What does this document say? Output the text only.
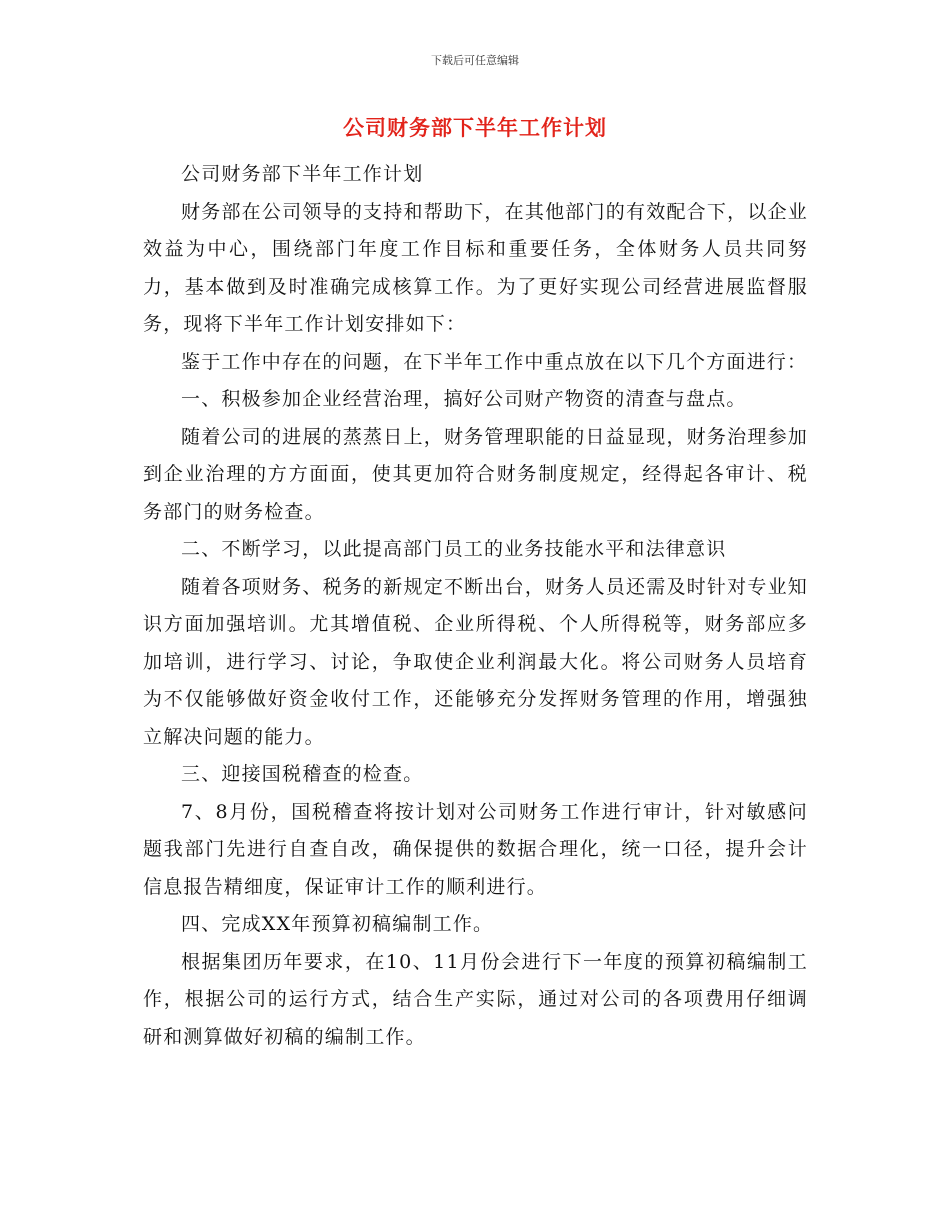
下载后可任意编辑
公司财务部下半年工作计划

公司财务部下半年工作计划

财务部在公司领导的支持和帮助下，在其他部门的有效配合下，以企业效益为中心，围绕部门年度工作目标和重要任务，全体财务人员共同努力，基本做到及时准确完成核算工作。为了更好实现公司经营进展监督服务，现将下半年工作计划安排如下：

鉴于工作中存在的问题，在下半年工作中重点放在以下几个方面进行：

一、积极参加企业经营治理，搞好公司财产物资的清查与盘点。

随着公司的进展的蒸蒸日上，财务管理职能的日益显现，财务治理参加到企业治理的方方面面，使其更加符合财务制度规定，经得起各审计、税务部门的财务检查。

二、不断学习，以此提高部门员工的业务技能水平和法律意识

随着各项财务、税务的新规定不断出台，财务人员还需及时针对专业知识方面加强培训。尤其增值税、企业所得税、个人所得税等，财务部应多加培训，进行学习、讨论，争取使企业利润最大化。将公司财务人员培育为不仅能够做好资金收付工作，还能够充分发挥财务管理的作用，增强独立解决问题的能力。

三、迎接国税稽查的检查。

7、8月份，国税稽查将按计划对公司财务工作进行审计，针对敏感问题我部门先进行自查自改，确保提供的数据合理化，统一口径，提升会计信息报告精细度，保证审计工作的顺利进行。

四、完成XX年预算初稿编制工作。

根据集团历年要求，在10、11月份会进行下一年度的预算初稿编制工作，根据公司的运行方式，结合生产实际，通过对公司的各项费用仔细调研和测算做好初稿的编制工作。
